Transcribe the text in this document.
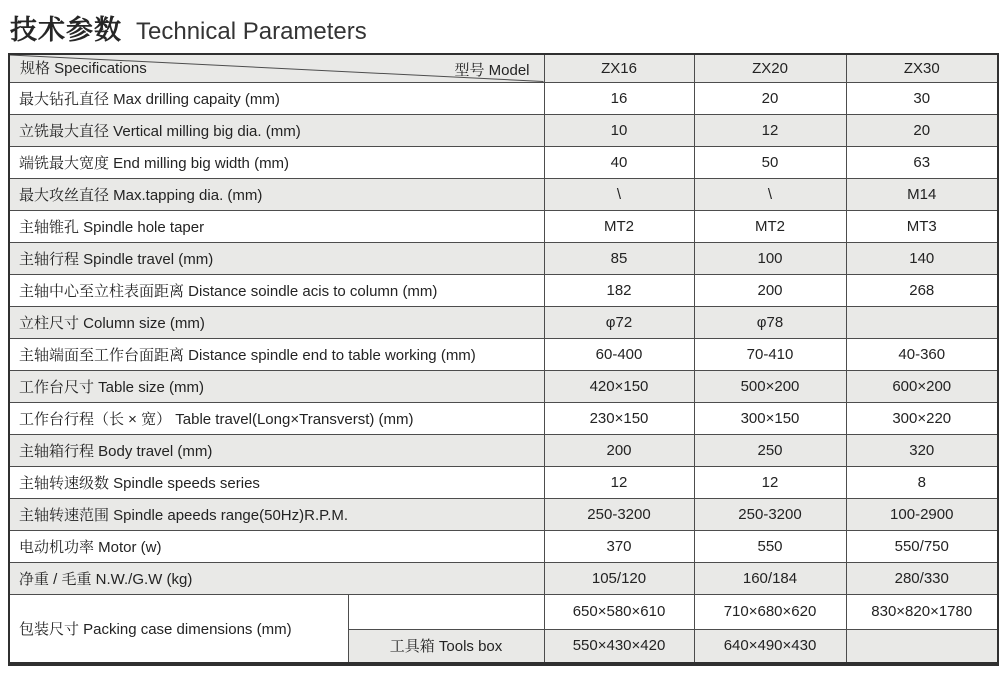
技术参数 Technical Parameters
规格 Specifications 型号 Model		ZX16	ZX20	ZX30
最大钻孔直径 Max drilling capaity (mm)		16	20	30
立铣最大直径 Vertical milling big dia. (mm)		10	12	20
端铣最大宽度 End milling big width (mm)		40	50	63
最大攻丝直径 Max.tapping dia. (mm)		\	\	M14
主轴锥孔 Spindle hole taper		MT2	MT2	MT3
主轴行程 Spindle travel (mm)		85	100	140
主轴中心至立柱表面距离 Distance soindle acis to column (mm)		182	200	268
立柱尺寸 Column size (mm)		φ72	φ78	
主轴端面至工作台面距离 Distance spindle end to table working (mm)		60-400	70-410	40-360
工作台尺寸 Table size (mm)		420×150	500×200	600×200
工作台行程（长 × 宽） Table travel(Long×Transverst) (mm)		230×150	300×150	300×220
主轴箱行程 Body travel (mm)		200	250	320
主轴转速级数 Spindle speeds series		12	12	8
主轴转速范围 Spindle apeeds range(50Hz)R.P.M.		250-3200	250-3200	100-2900
电动机功率 Motor (w)		370	550	550/750
净重 / 毛重 N.W./G.W (kg)		105/120	160/184	280/330
包装尺寸 Packing case dimensions (mm)		650×580×610	710×680×620	830×820×1780
	工具箱 Tools box	550×430×420	640×490×430	
